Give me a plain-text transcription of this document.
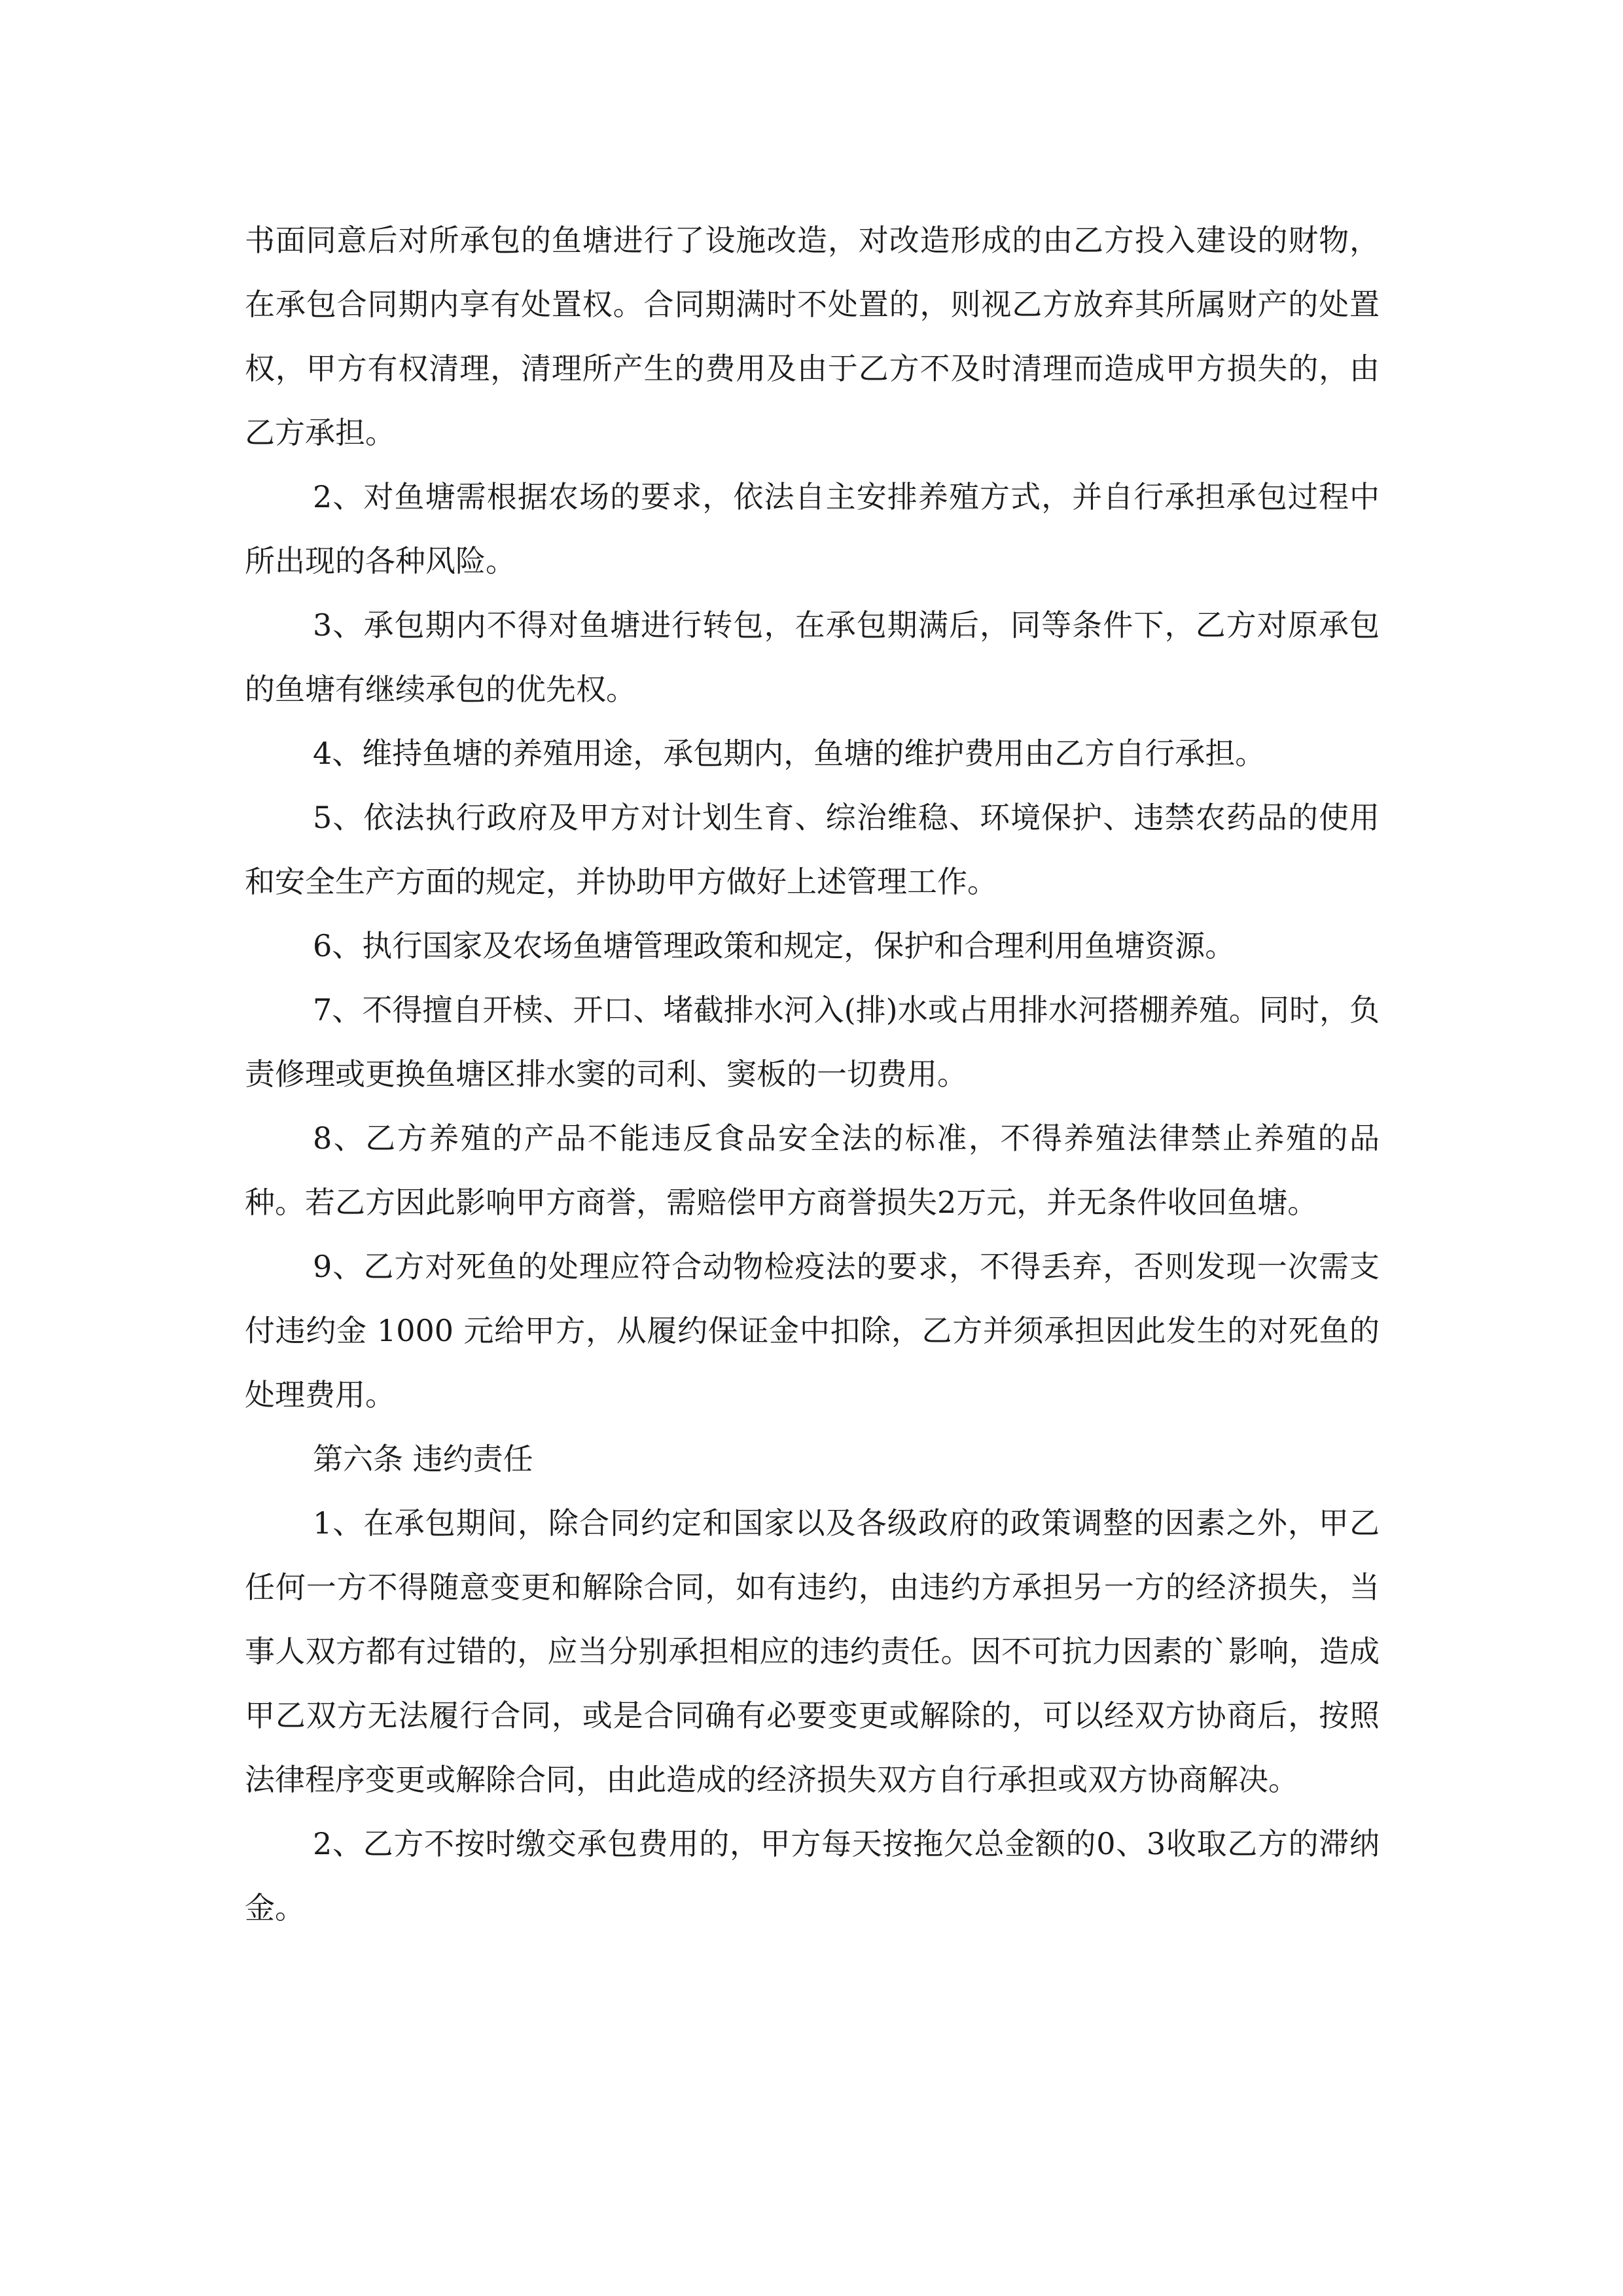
书面同意后对所承包的鱼塘进行了设施改造，对改造形成的由乙方投入建设的财物，在承包合同期内享有处置权。合同期满时不处置的，则视乙方放弃其所属财产的处置权，甲方有权清理，清理所产生的费用及由于乙方不及时清理而造成甲方损失的，由乙方承担。

2、对鱼塘需根据农场的要求，依法自主安排养殖方式，并自行承担承包过程中所出现的各种风险。

3、承包期内不得对鱼塘进行转包，在承包期满后，同等条件下，乙方对原承包的鱼塘有继续承包的优先权。

4、维持鱼塘的养殖用途，承包期内，鱼塘的维护费用由乙方自行承担。

5、依法执行政府及甲方对计划生育、综治维稳、环境保护、违禁农药品的使用和安全生产方面的规定，并协助甲方做好上述管理工作。

6、执行国家及农场鱼塘管理政策和规定，保护和合理利用鱼塘资源。

7、不得擅自开椟、开口、堵截排水河入(排)水或占用排水河搭棚养殖。同时，负责修理或更换鱼塘区排水窦的司利、窦板的一切费用。

8、乙方养殖的产品不能违反食品安全法的标准，不得养殖法律禁止养殖的品种。若乙方因此影响甲方商誉，需赔偿甲方商誉损失2万元，并无条件收回鱼塘。

9、乙方对死鱼的处理应符合动物检疫法的要求，不得丢弃，否则发现一次需支付违约金 1000 元给甲方，从履约保证金中扣除，乙方并须承担因此发生的对死鱼的处理费用。

第六条 违约责任

1、在承包期间，除合同约定和国家以及各级政府的政策调整的因素之外，甲乙任何一方不得随意变更和解除合同，如有违约，由违约方承担另一方的经济损失，当事人双方都有过错的，应当分别承担相应的违约责任。因不可抗力因素的`影响，造成甲乙双方无法履行合同，或是合同确有必要变更或解除的，可以经双方协商后，按照法律程序变更或解除合同，由此造成的经济损失双方自行承担或双方协商解决。

2、乙方不按时缴交承包费用的，甲方每天按拖欠总金额的0、3收取乙方的滞纳金。
